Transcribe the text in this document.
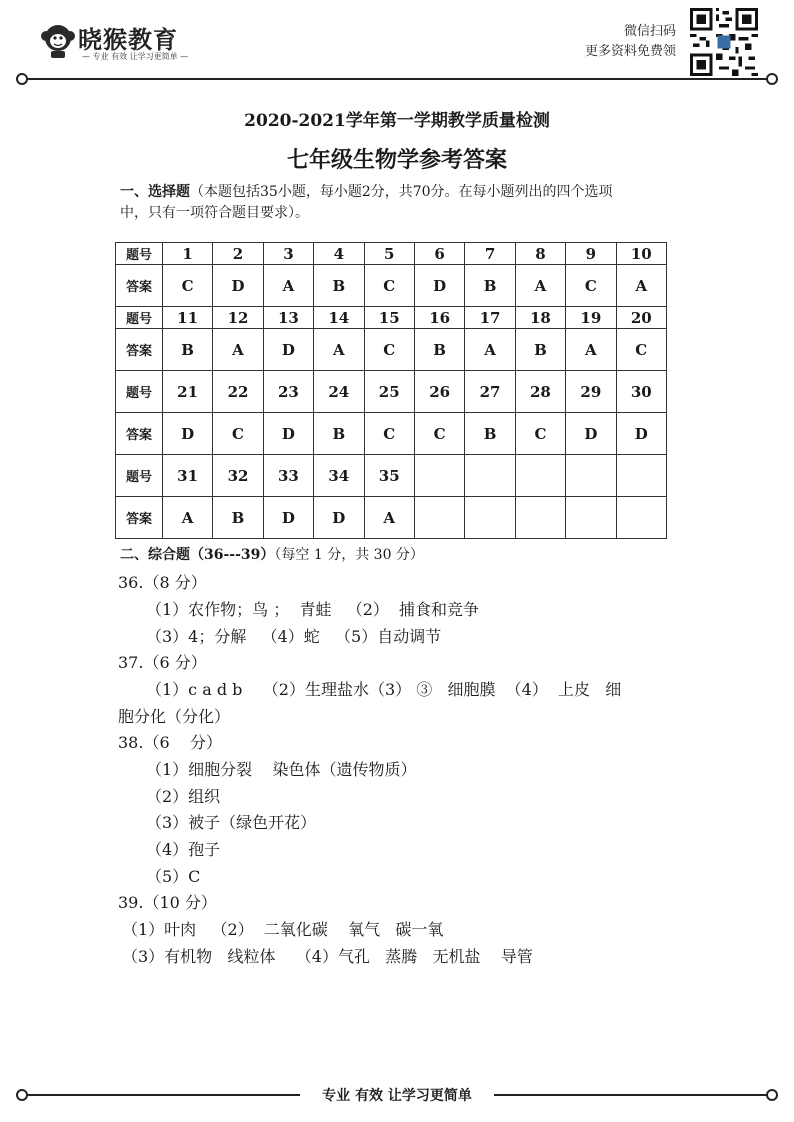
晓猴教育
— 专业 有效 让学习更简单 —
微信扫码
更多资料免费领
2020-2021学年第一学期教学质量检测
七年级生物学参考答案
一、选择题（本题包括35小题，每小题2分，共70分。在每小题列出的四个选项
中，只有一项符合题目要求）。
题号	1	2	3	4	5	6	7	8	9	10
答案	C	D	A	B	C	D	B	A	C	A
题号	11	12	13	14	15	16	17	18	19	20
答案	B	A	D	A	C	B	A	B	A	C
题号	21	22	23	24	25	26	27	28	29	30
答案	D	C	D	B	C	C	B	C	D	D
题号	31	32	33	34	35					
答案	A	B	D	D	A					
二、综合题（36---39）（每空 1 分，共 30 分）
36.（8 分）
（1）农作物；鸟 ；  青蛙   （2）  捕食和竞争
（3）4；分解   （4）蛇   （5）自动调节
37.（6 分）
（1）c a d b    （2）生理盐水（3） ③   细胞膜  （4）  上皮   细
胞分化（分化）
38.（6    分）
（1）细胞分裂    染色体（遗传物质）
（2）组织
（3）被子（绿色开花）
（4）孢子
（5）C
39.（10 分）
（1）叶肉   （2）  二氧化碳    氧气   碳一氧
（3）有机物   线粒体    （4）气孔   蒸腾   无机盐    导管
专业 有效 让学习更简单
